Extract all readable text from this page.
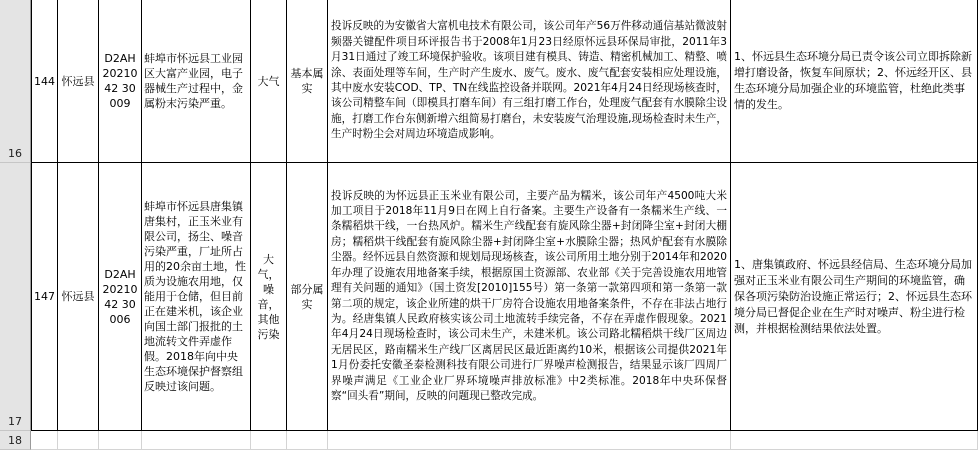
16
144 怀远县
D2AH2021042 30009
蚌埠市怀远县工业园区大富产业园，电子器械生产过程中，金属粉末污染严重。
大气
基本属实
投诉反映的为安徽省大富机电技术有限公司，该公司年产56万件移动通信基站微波射频器关键配件项目环评报告书于2008年1月23日经原怀远县环保局审批，2011年3月31日通过了竣工环境保护验收。该项目建有模具、铸造、精密机械加工、精整、喷涂、表面处理等车间，生产时产生废水、废气。废水、废气配套安装相应处理设施，其中废水安装COD、TP、TN在线监控设备并联网。2021年4月24日经现场核查时，该公司精整车间（即模具打磨车间）有三组打磨工作台，处理废气配套有水膜除尘设施，打磨工作台东侧新增六组简易打磨台，未安装废气治理设施,现场检查时未生产，生产时粉尘会对周边环境造成影响。
1、怀远县生态环境分局已责令该公司立即拆除新增打磨设备，恢复车间原状；2、怀远经开区、县生态环境分局加强企业的环境监管，杜绝此类事情的发生。
17
147 怀远县
D2AH2021042 30006
蚌埠市怀远县唐集镇唐集村，正玉米业有限公司，扬尘、噪音污染严重，厂址所占用的20余亩土地，性质为设施农用地，仅能用于仓储，但目前正在建米机，该企业向国土部门报批的土地流转文件弄虚作假。2018年向中央生态环境保护督察组反映过该问题。
大气，噪音，其他污染
部分属实
投诉反映的为怀远县正玉米业有限公司，主要产品为糯米，该公司年产4500吨大米加工项目于2018年11月9日在网上自行备案。主要生产设备有一条糯米生产线、一条糯稻烘干线，一台热风炉。糯米生产线配套有旋风除尘器+封闭降尘室+封闭大棚房；糯稻烘干线配套有旋风除尘器+封闭降尘室+水膜除尘器；热风炉配套有水膜除尘器。经怀远县自然资源和规划局现场核查，该公司所用土地分别于2014年和2020年办理了设施农用地备案手续，根据原国土资源部、农业部《关于完善设施农用地管理有关问题的通知》（国土资发[2010]155号）第一条第一款第四项和第一条第一款第二项的规定，该企业所建的烘干厂房符合设施农用地备案条件，不存在非法占地行为。经唐集镇人民政府核实该公司土地流转手续完备，不存在弄虚作假现象。2021年4月24日现场检查时，该公司未生产，未建米机。该公司路北糯稻烘干线厂区周边无居民区，路南糯米生产线厂区离居民区最近距离约10米，根据该公司提供2021年1月份委托安徽圣泰检测科技有限公司进行厂界噪声检测报告，结果显示该厂四周厂界噪声满足《工业企业厂界环境噪声排放标准》中2类标准。2018年中央环保督察“回头看”期间，反映的问题现已整改完成。
1、唐集镇政府、怀远县经信局、生态环境分局加强对正玉米业有限公司生产期间的环境监管，确保各项污染防治设施正常运行；2、怀远县生态环境分局已督促企业在生产时对噪声、粉尘进行检测，并根据检测结果依法处置。
18
